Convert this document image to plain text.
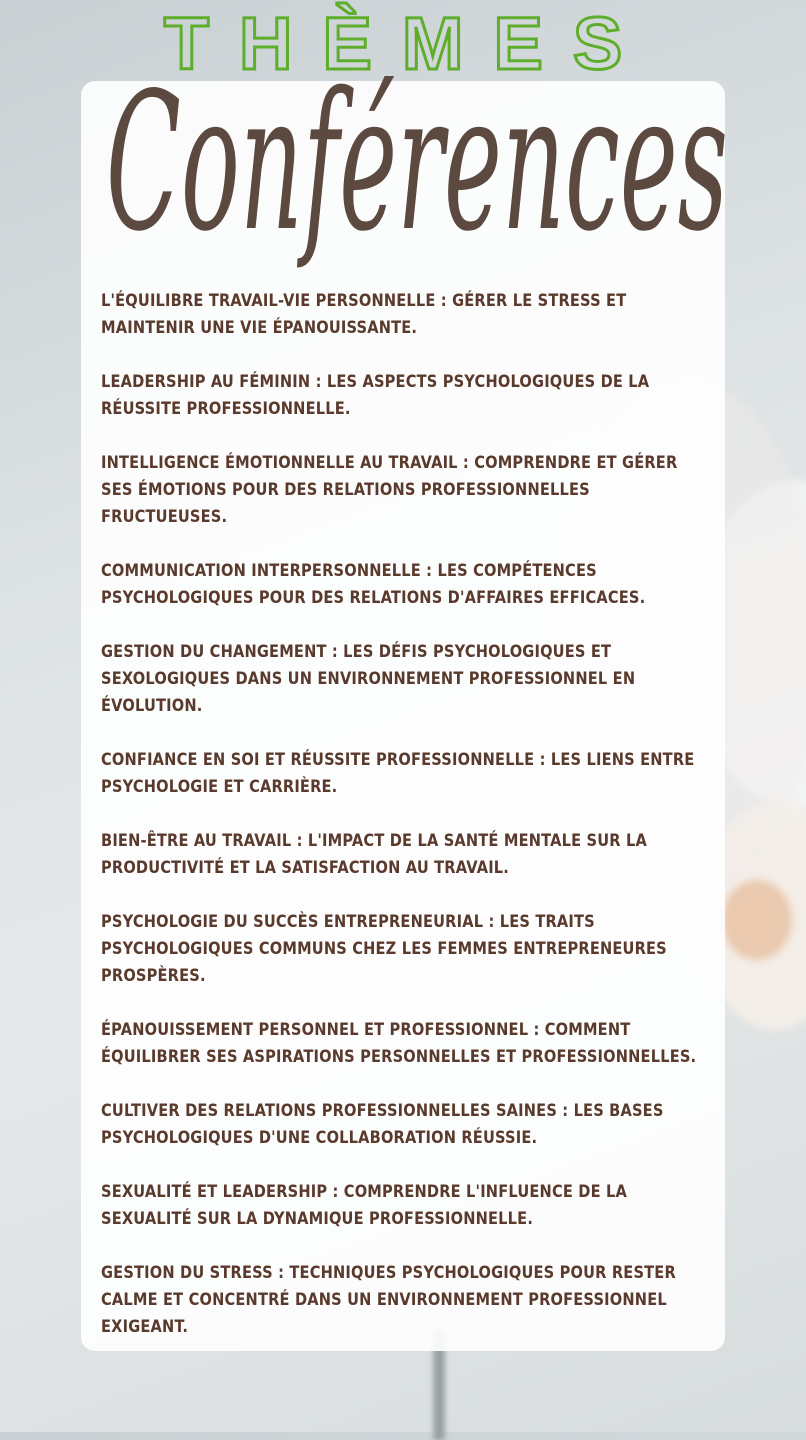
THÈMES
Conférences
L'ÉQUILIBRE TRAVAIL-VIE PERSONNELLE : GÉRER LE STRESS ET MAINTENIR UNE VIE ÉPANOUISSANTE.
LEADERSHIP AU FÉMININ : LES ASPECTS PSYCHOLOGIQUES DE LA RÉUSSITE PROFESSIONNELLE.
INTELLIGENCE ÉMOTIONNELLE AU TRAVAIL : COMPRENDRE ET GÉRER SES ÉMOTIONS POUR DES RELATIONS PROFESSIONNELLES FRUCTUEUSES.
COMMUNICATION INTERPERSONNELLE : LES COMPÉTENCES PSYCHOLOGIQUES POUR DES RELATIONS D'AFFAIRES EFFICACES.
GESTION DU CHANGEMENT : LES DÉFIS PSYCHOLOGIQUES ET SEXOLOGIQUES DANS UN ENVIRONNEMENT PROFESSIONNEL EN ÉVOLUTION.
CONFIANCE EN SOI ET RÉUSSITE PROFESSIONNELLE : LES LIENS ENTRE PSYCHOLOGIE ET CARRIÈRE.
BIEN-ÊTRE AU TRAVAIL : L'IMPACT DE LA SANTÉ MENTALE SUR LA PRODUCTIVITÉ ET LA SATISFACTION AU TRAVAIL.
PSYCHOLOGIE DU SUCCÈS ENTREPRENEURIAL : LES TRAITS PSYCHOLOGIQUES COMMUNS CHEZ LES FEMMES ENTREPRENEURES PROSPÈRES.
ÉPANOUISSEMENT PERSONNEL ET PROFESSIONNEL : COMMENT ÉQUILIBRER SES ASPIRATIONS PERSONNELLES ET PROFESSIONNELLES.
CULTIVER DES RELATIONS PROFESSIONNELLES SAINES : LES BASES PSYCHOLOGIQUES D'UNE COLLABORATION RÉUSSIE.
SEXUALITÉ ET LEADERSHIP : COMPRENDRE L'INFLUENCE DE LA SEXUALITÉ SUR LA DYNAMIQUE PROFESSIONNELLE.
GESTION DU STRESS : TECHNIQUES PSYCHOLOGIQUES POUR RESTER CALME ET CONCENTRÉ DANS UN ENVIRONNEMENT PROFESSIONNEL EXIGEANT.
